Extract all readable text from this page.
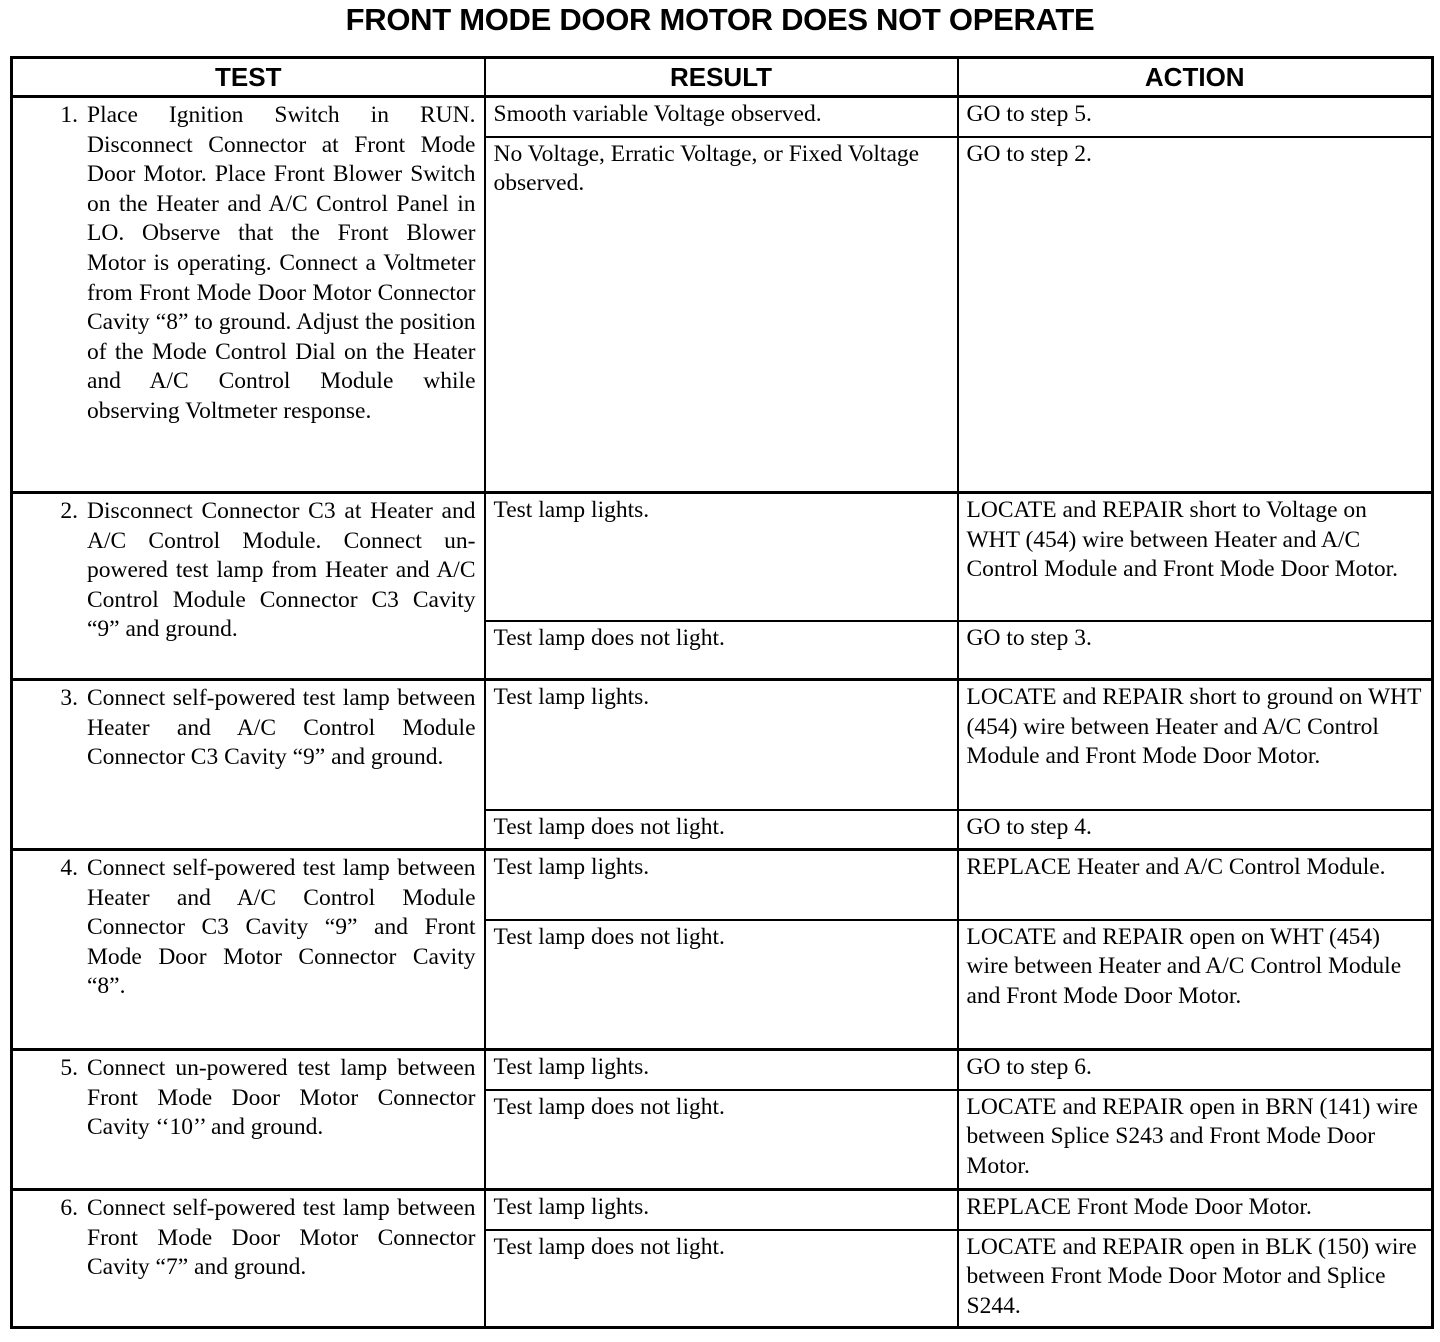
FRONT MODE DOOR MOTOR DOES NOT OPERATE
TEST	RESULT	ACTION

1. Place Ignition Switch in RUN. Disconnect Connector at Front Mode Door Motor. Place Front Blower Switch on the Heater and A/C Control Panel in LO. Observe that the Front Blower Motor is operating. Connect a Voltmeter from Front Mode Door Motor Connector Cavity “8” to ground. Adjust the position of the Mode Control Dial on the Heater and A/C Control Module while observing Voltmeter response.	Smooth variable Voltage observed.	GO to step 5.
	No Voltage, Erratic Voltage, or Fixed Voltage observed.	GO to step 2.

2. Disconnect Connector C3 at Heater and A/C Control Module. Connect un-powered test lamp from Heater and A/C Control Module Connector C3 Cavity “9” and ground.	Test lamp lights.	LOCATE and REPAIR short to Voltage on WHT (454) wire between Heater and A/C Control Module and Front Mode Door Motor.
	Test lamp does not light.	GO to step 3.

3. Connect self-powered test lamp between Heater and A/C Control Module Connector C3 Cavity “9” and ground.	Test lamp lights.	LOCATE and REPAIR short to ground on WHT (454) wire between Heater and A/C Control Module and Front Mode Door Motor.
	Test lamp does not light.	GO to step 4.

4. Connect self-powered test lamp between Heater and A/C Control Module Connector C3 Cavity “9” and Front Mode Door Motor Connector Cavity “8”.	Test lamp lights.	REPLACE Heater and A/C Control Module.
	Test lamp does not light.	LOCATE and REPAIR open on WHT (454) wire between Heater and A/C Control Module and Front Mode Door Motor.

5. Connect un-powered test lamp between Front Mode Door Motor Connector Cavity ‘‘10’’ and ground.	Test lamp lights.	GO to step 6.
	Test lamp does not light.	LOCATE and REPAIR open in BRN (141) wire between Splice S243 and Front Mode Door Motor.

6. Connect self-powered test lamp between Front Mode Door Motor Connector Cavity “7” and ground.	Test lamp lights.	REPLACE Front Mode Door Motor.
	Test lamp does not light.	LOCATE and REPAIR open in BLK (150) wire between Front Mode Door Motor and Splice S244.
